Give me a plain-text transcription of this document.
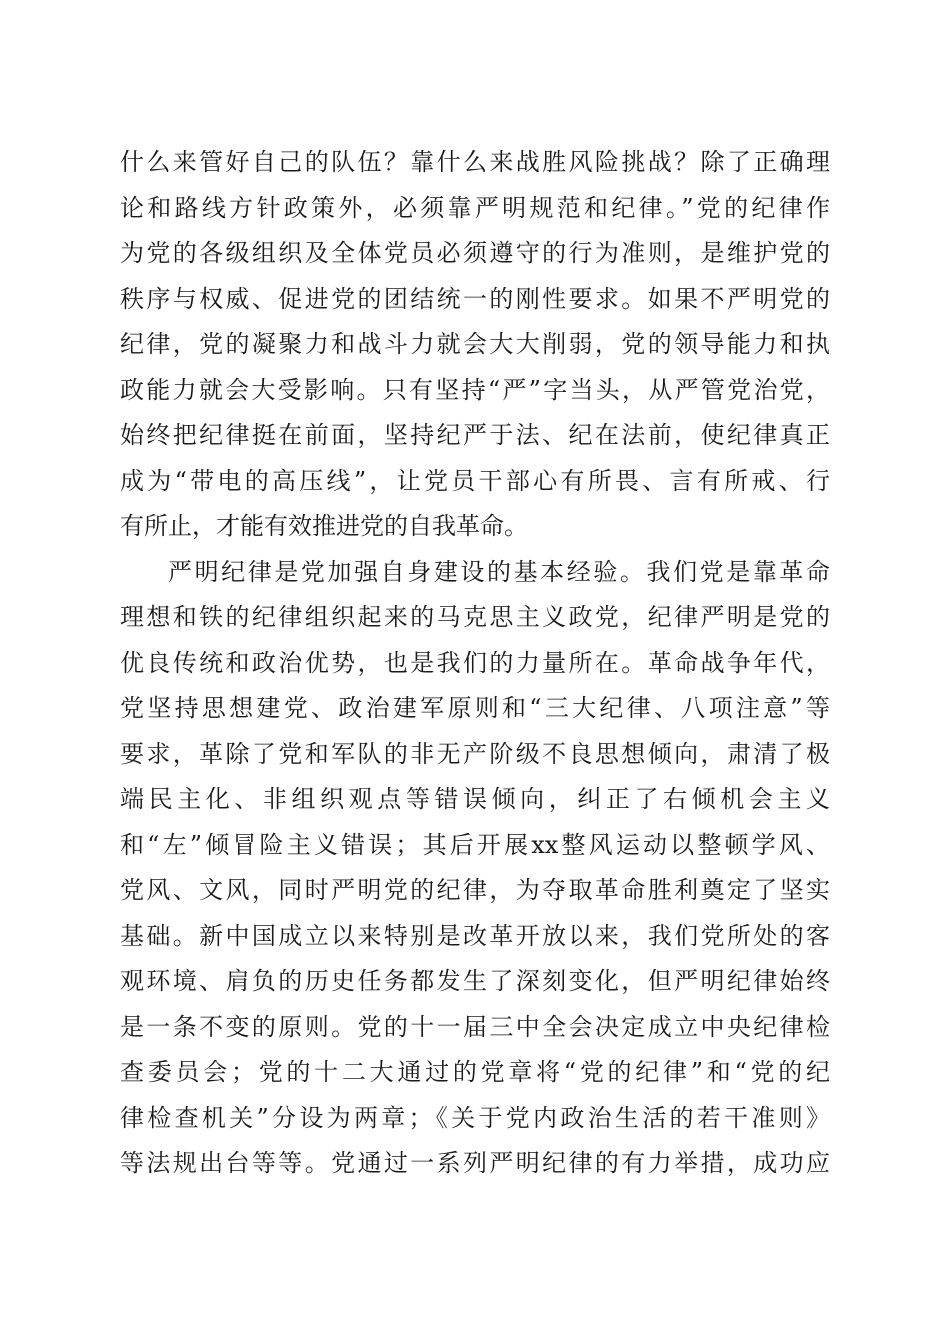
什么来管好自己的队伍？靠什么来战胜风险挑战？除了正确理
论和路线方针政策外，必须靠严明规范和纪律。”党的纪律作
为党的各级组织及全体党员必须遵守的行为准则，是维护党的
秩序与权威、促进党的团结统一的刚性要求。如果不严明党的
纪律，党的凝聚力和战斗力就会大大削弱，党的领导能力和执
政能力就会大受影响。只有坚持“严”字当头，从严管党治党，
始终把纪律挺在前面，坚持纪严于法、纪在法前，使纪律真正
成为“带电的高压线”，让党员干部心有所畏、言有所戒、行
有所止，才能有效推进党的自我革命。
严明纪律是党加强自身建设的基本经验。我们党是靠革命
理想和铁的纪律组织起来的马克思主义政党，纪律严明是党的
优良传统和政治优势，也是我们的力量所在。革命战争年代，
党坚持思想建党、政治建军原则和“三大纪律、八项注意”等
要求，革除了党和军队的非无产阶级不良思想倾向，肃清了极
端民主化、非组织观点等错误倾向，纠正了右倾机会主义
和“左”倾冒险主义错误；其后开展xx整风运动以整顿学风、
党风、文风，同时严明党的纪律，为夺取革命胜利奠定了坚实
基础。新中国成立以来特别是改革开放以来，我们党所处的客
观环境、肩负的历史任务都发生了深刻变化，但严明纪律始终
是一条不变的原则。党的十一届三中全会决定成立中央纪律检
查委员会；党的十二大通过的党章将“党的纪律”和“党的纪
律检查机关”分设为两章；《关于党内政治生活的若干准则》
等法规出台等等。党通过一系列严明纪律的有力举措，成功应
